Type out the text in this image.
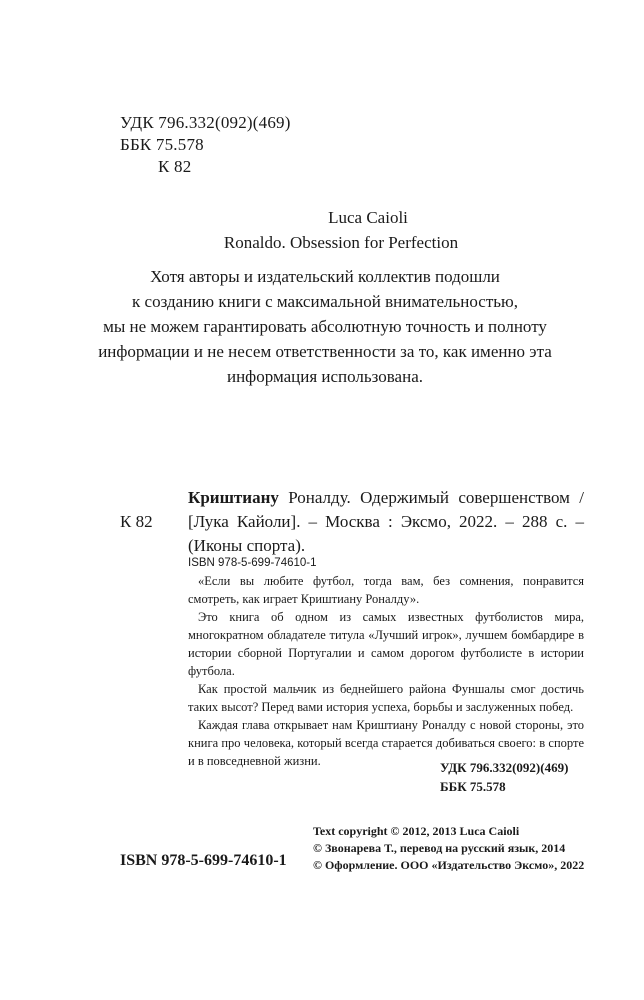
УДК 796.332(092)(469)
ББК 75.578
К 82
Luca Caioli
Ronaldo. Obsession for Perfection
Хотя авторы и издательский коллектив подошли
к созданию книги с максимальной внимательностью,
мы не можем гарантировать абсолютную точность и полноту
информации и не несем ответственности за то, как именно эта
информация использована.
К 82
Криштиану Роналду. Одержимый совершенством / [Лука Кайоли]. – Москва : Эксмо, 2022. – 288 с. – (Иконы спорта).
ISBN 978-5-699-74610-1

«Если вы любите футбол, тогда вам, без сомнения, понравится смотреть, как играет Криштиану Роналду».

Это книга об одном из самых известных футболистов мира, многократном обладателе титула «Лучший игрок», лучшем бомбардире в истории сборной Португалии и самом дорогом футболисте в истории футбола.

Как простой мальчик из беднейшего района Фуншалы смог достичь таких высот? Перед вами история успеха, борьбы и заслуженных побед.

Каждая глава открывает нам Криштиану Роналду с новой стороны, это книга про человека, который всегда старается добиваться своего: в спорте и в повседневной жизни.	УДК 796.332(092)(469)
ББК 75.578
Text copyright © 2012, 2013 Luca Caioli
© Звонарева Т., перевод на русский язык, 2014
© Оформление. ООО «Издательство Эксмо», 2022
ISBN 978-5-699-74610-1
